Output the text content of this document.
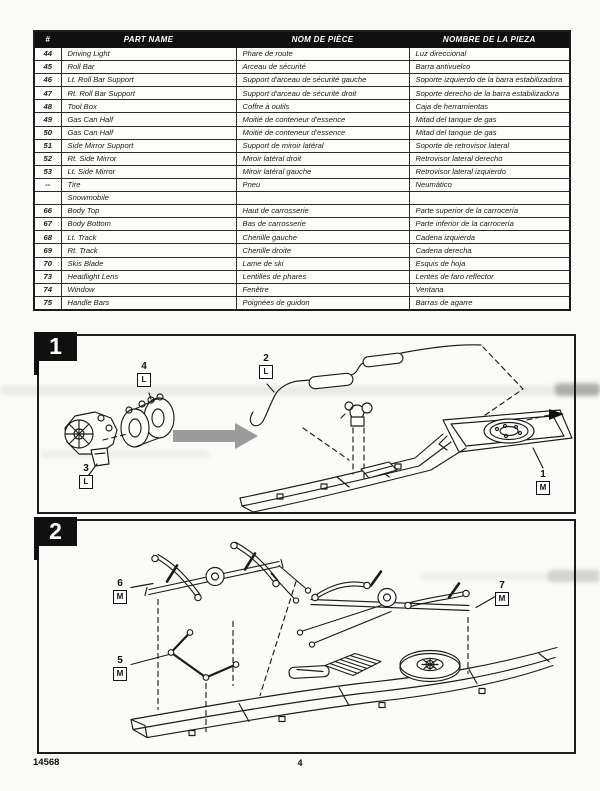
#	PART NAME	NOM DE PIÈCE	NOMBRE DE LA PIEZA
44	Driving Light	Phare de route	Luz direccional
45	Roll Bar	Arceau de sécurité	Barra antivuelco
46	Lt. Roll Bar Support	Support d'arceau de sécurité gauche	Soporte izquierdo de la barra estabilizadora
47	Rt. Roll Bar Support	Support d'arceau de sécurité droit	Soporte derecho de la barra estabilizadora
48	Tool Box	Coffre à outils	Caja de herramientas
49	Gas Can Half	Moitié de conteneur d'essence	Mitad del tanque de gas
50	Gas Can Half	Moitié de conteneur d'essence	Mitad del tanque de gas
51	Side Mirror Support	Support de miroir latéral	Soporte de retrovisor lateral
52	Rt. Side Mirror	Miroir latéral droit	Retrovisor lateral derecho
53	Lt. Side Mirror	Miroir latéral gauche	Retrovisor lateral izquierdo
--	Tire	Pneu	Neumático
	Snowmobile		
66	Body Top	Haut de carrosserie	Parte superior de la carrocería
67	Body Bottom	Bas de carrosserie	Parte inferior de la carrocería
68	Lt. Track	Chenille gauche	Cadena izquierda
69	Rt. Track	Chenille droite	Cadena derecha
70	Skis Blade	Lame de ski	Esquis de hoja
73	Headlight Lens	Lentilles de phares	Lentes de faro reflector
74	Window	Fenêtre	Ventana
75	Handle Bars	Poignées de guidon	Barras de agarre
1
4
L
3
L
2
L
1
M
2
6
M
5
M
7
M
14568	4
